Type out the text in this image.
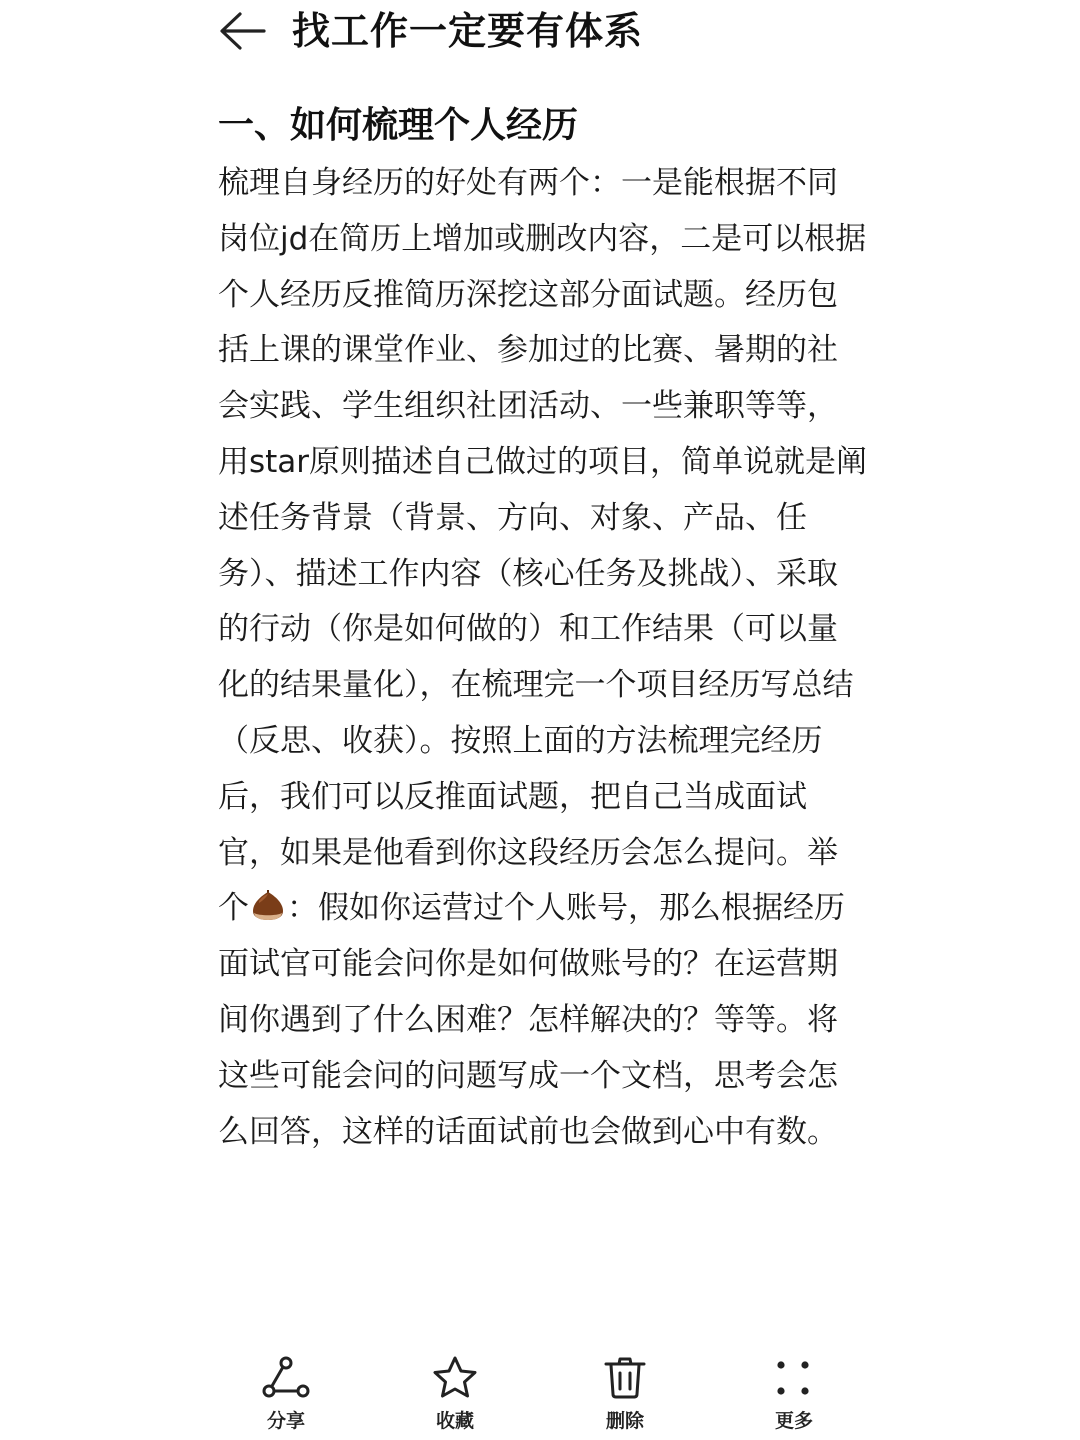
找工作一定要有体系
一、如何梳理个人经历

梳理自身经历的好处有两个：一是能根据不同岗位jd在简历上增加或删改内容，二是可以根据个人经历反推简历深挖这部分面试题。经历包括上课的课堂作业、参加过的比赛、暑期的社会实践、学生组织社团活动、一些兼职等等，用star原则描述自己做过的项目，简单说就是阐述任务背景（背景、方向、对象、产品、任务）、描述工作内容（核心任务及挑战）、采取的行动（你是如何做的）和工作结果（可以量化的结果量化），在梳理完一个项目经历写总结（反思、收获）。按照上面的方法梳理完经历后，我们可以反推面试题，把自己当成面试官，如果是他看到你这段经历会怎么提问。举个 ：假如你运营过个人账号，那么根据经历面试官可能会问你是如何做账号的？在运营期间你遇到了什么困难？怎样解决的？等等。将这些可能会问的问题写成一个文档，思考会怎么回答，这样的话面试前也会做到心中有数。

分享	收藏	删除	更多
